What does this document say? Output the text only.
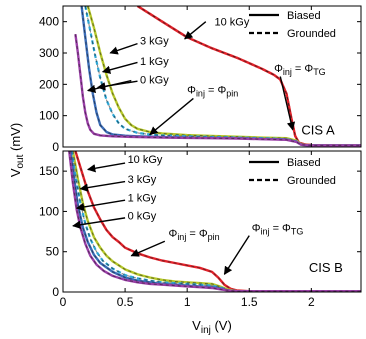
0
100
200
300
400	Biased
Grounded
10 kGy
3 kGy
1 kGy
0 kGy
$\Phi_{inj} = \Phi_{pin}$
$\Phi_{inj} = \Phi_{TG}$
CIS A
0
50
100
150
0	0.5	1	1.5	2
Biased
Grounded
10 kGy
3 kGy
1 kGy
0 kGy
$\Phi_{inj} = \Phi_{pin}$
$\Phi_{inj} = \Phi_{TG}$
CIS B
$V_{out}$ (mV)
$V_{inj}$ (V)
